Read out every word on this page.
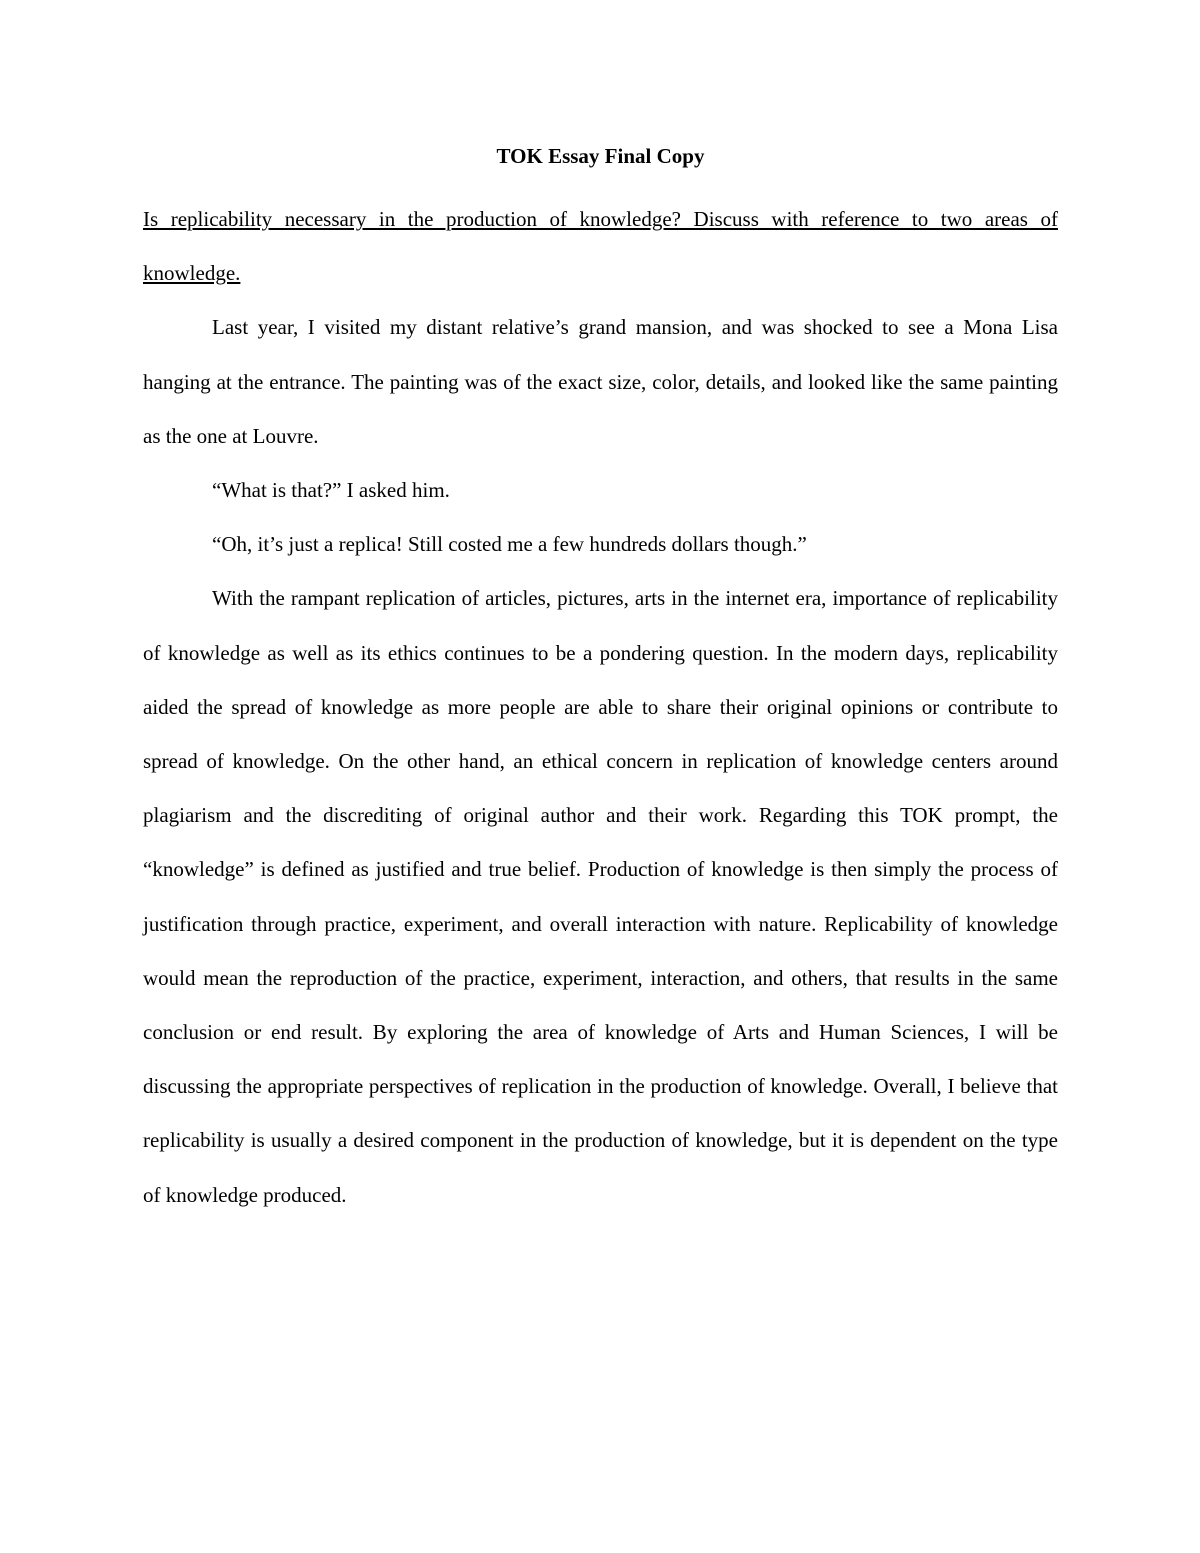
TOK Essay Final Copy

Is replicability necessary in the production of knowledge? Discuss with reference to two areas of knowledge.

Last year, I visited my distant relative’s grand mansion, and was shocked to see a Mona Lisa hanging at the entrance. The painting was of the exact size, color, details, and looked like the same painting as the one at Louvre.

“What is that?” I asked him.

“Oh, it’s just a replica! Still costed me a few hundreds dollars though.”

With the rampant replication of articles, pictures, arts in the internet era, importance of replicability of knowledge as well as its ethics continues to be a pondering question. In the modern days, replicability aided the spread of knowledge as more people are able to share their original opinions or contribute to spread of knowledge. On the other hand, an ethical concern in replication of knowledge centers around plagiarism and the discrediting of original author and their work. Regarding this TOK prompt, the “knowledge” is defined as justified and true belief. Production of knowledge is then simply the process of justification through practice, experiment, and overall interaction with nature. Replicability of knowledge would mean the reproduction of the practice, experiment, interaction, and others, that results in the same conclusion or end result. By exploring the area of knowledge of Arts and Human Sciences, I will be discussing the appropriate perspectives of replication in the production of knowledge. Overall, I believe that replicability is usually a desired component in the production of knowledge, but it is dependent on the type of knowledge produced.
